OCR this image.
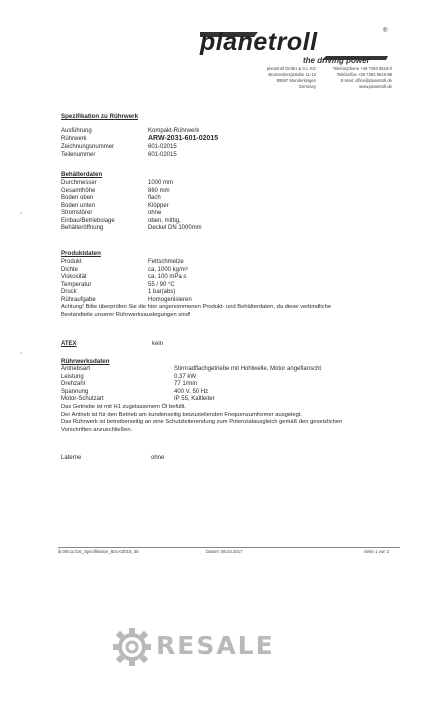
planetroll	®
the driving power
planetroll GmbH & Co. KG
Brunnenbergstraße 11-13
89597 Munderkingen
Germany
Telefon/phone +49 7393 9518-0
Telefax/fax +49 7393 9518-98
E-Mail: office@planetroll.de
www.planetroll.de
Spezifikation zu Rührwerk
Ausführung	Kompakt-Rührwerk
Rührwerk	ARW-2031-601-02015
Zeichnungsnummer	601-02015
Teilenummer	601-02015
Behälterdaten
Durchmesser	1000 mm
Gesamthöhe	860 mm
Boden oben	flach
Boden unten	Klöpper
Stromstörer	ohne
Einbau/Betriebslage	oben, mittig,
Behälteröffnung	Deckel DN 1000mm
Produktdaten
Produkt	Fettschmelze
Dichte	ca. 1000 kg/m³
Viskosität	ca. 100 mPa s
Temperatur	55 / 90 °C
Druck	1 bar(abs)
Rühraufgabe	Homogenisieren
Achtung! Bitte überprüfen Sie die hier angenommenen Produkt- und Behälterdaten, da diese verbindliche
Bestandteile unserer Rührwerksauslegungen sind!
ATEX	kein
Rührwerksdaten
Antriebsart	Stirnradflachgetriebe mit Hohlwelle, Motor angeflanscht
Leistung	0,37 kW
Drehzahl	77 1/min
Spannung	400 V, 50 Hz
Motor-Schutzart	IP 55, Kaltleiter
Das Getriebe ist mit H1 zugelassenem Öl befüllt.
Der Antrieb ist für den Betrieb am kundenseitig beizustellenden Frequenzumformer ausgelegt.
Das Rührwerk ist betreiberseitig an eine Schutzleiterendung zum Potenzialausgleich gemäß den gesetzlichen
Vorschriften anzuschließen.
Laterne	ohne
ib.000.a.016_Spezifikation_601-02015_35	Datum: 08.03.2017	Seite 1 von 2
RESALE
